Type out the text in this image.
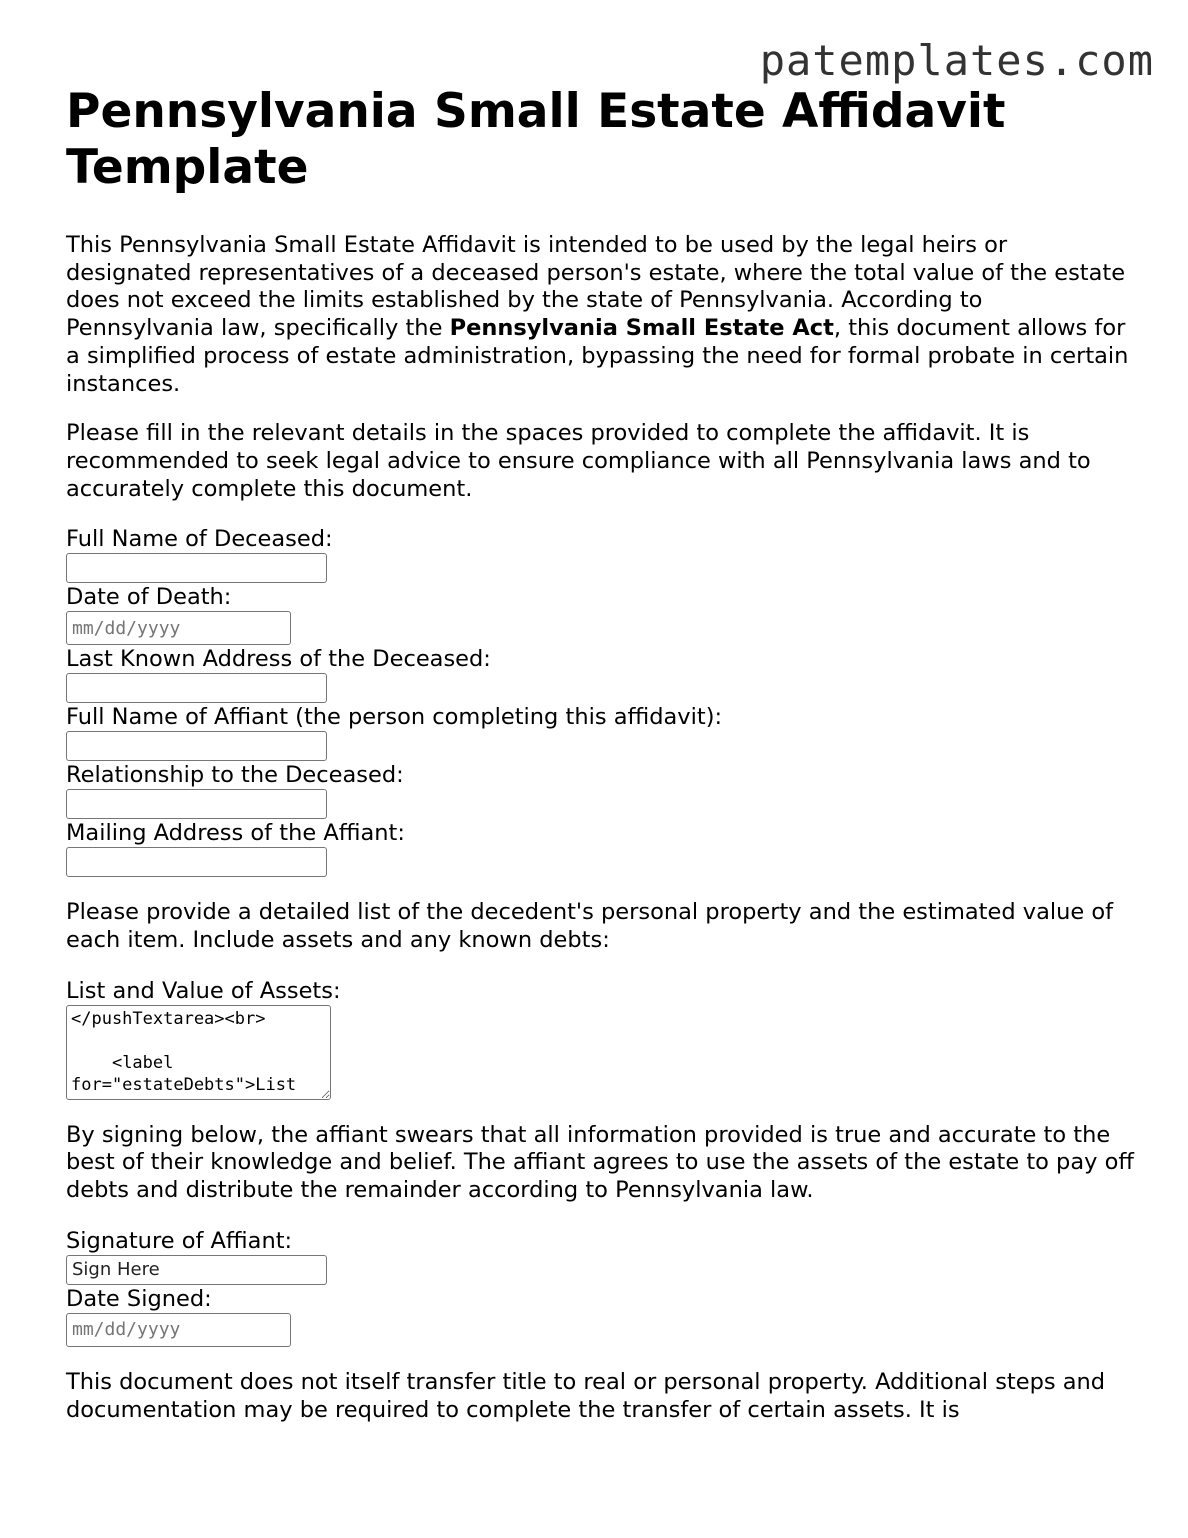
patemplates.com
Pennsylvania Small Estate Affidavit Template

This Pennsylvania Small Estate Affidavit is intended to be used by the legal heirs or designated representatives of a deceased person's estate, where the total value of the estate does not exceed the limits established by the state of Pennsylvania. According to Pennsylvania law, specifically the Pennsylvania Small Estate Act, this document allows for a simplified process of estate administration, bypassing the need for formal probate in certain instances.

Please fill in the relevant details in the spaces provided to complete the affidavit. It is recommended to seek legal advice to ensure compliance with all Pennsylvania laws and to accurately complete this document.

Full Name of Deceased:
Date of Death:
mm/dd/yyyy
Last Known Address of the Deceased:
Full Name of Affiant (the person completing this affidavit):
Relationship to the Deceased:
Mailing Address of the Affiant:

Please provide a detailed list of the decedent's personal property and the estimated value of each item. Include assets and any known debts:

List and Value of Assets:
</pushTextarea><br> <label for="estateDebts">List of Debts:</label><br>

By signing below, the affiant swears that all information provided is true and accurate to the best of their knowledge and belief. The affiant agrees to use the assets of the estate to pay off debts and distribute the remainder according to Pennsylvania law.

Signature of Affiant:
Sign Here
Date Signed:
mm/dd/yyyy

This document does not itself transfer title to real or personal property. Additional steps and documentation may be required to complete the transfer of certain assets. It is
